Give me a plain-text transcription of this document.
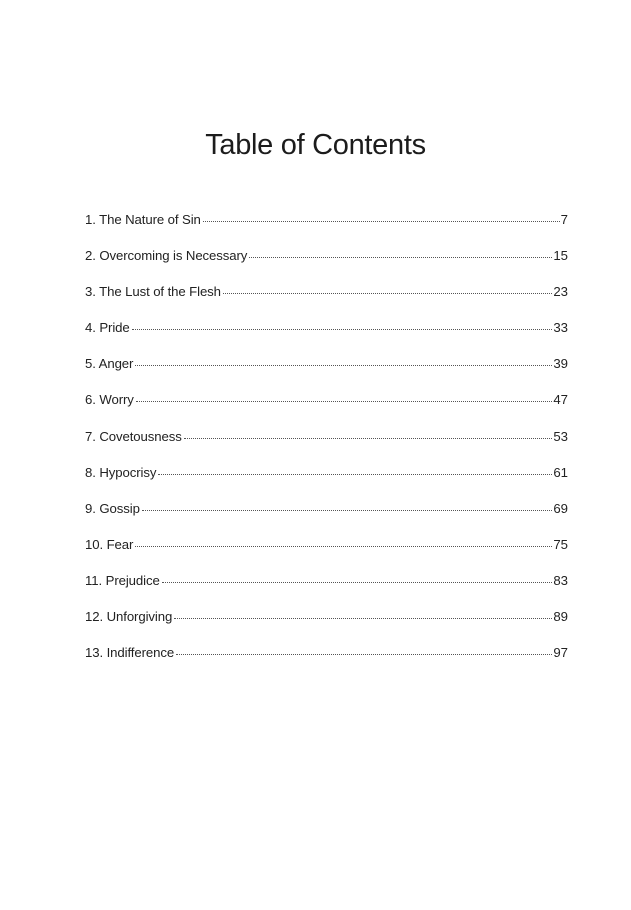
Table of Contents
1. The Nature of Sin	7
2. Overcoming is Necessary	15
3. The Lust of the Flesh	23
4. Pride	33
5. Anger	39
6. Worry	47
7. Covetousness	53
8. Hypocrisy	61
9. Gossip	69
10. Fear	75
11. Prejudice	83
12. Unforgiving	89
13. Indifference	97
